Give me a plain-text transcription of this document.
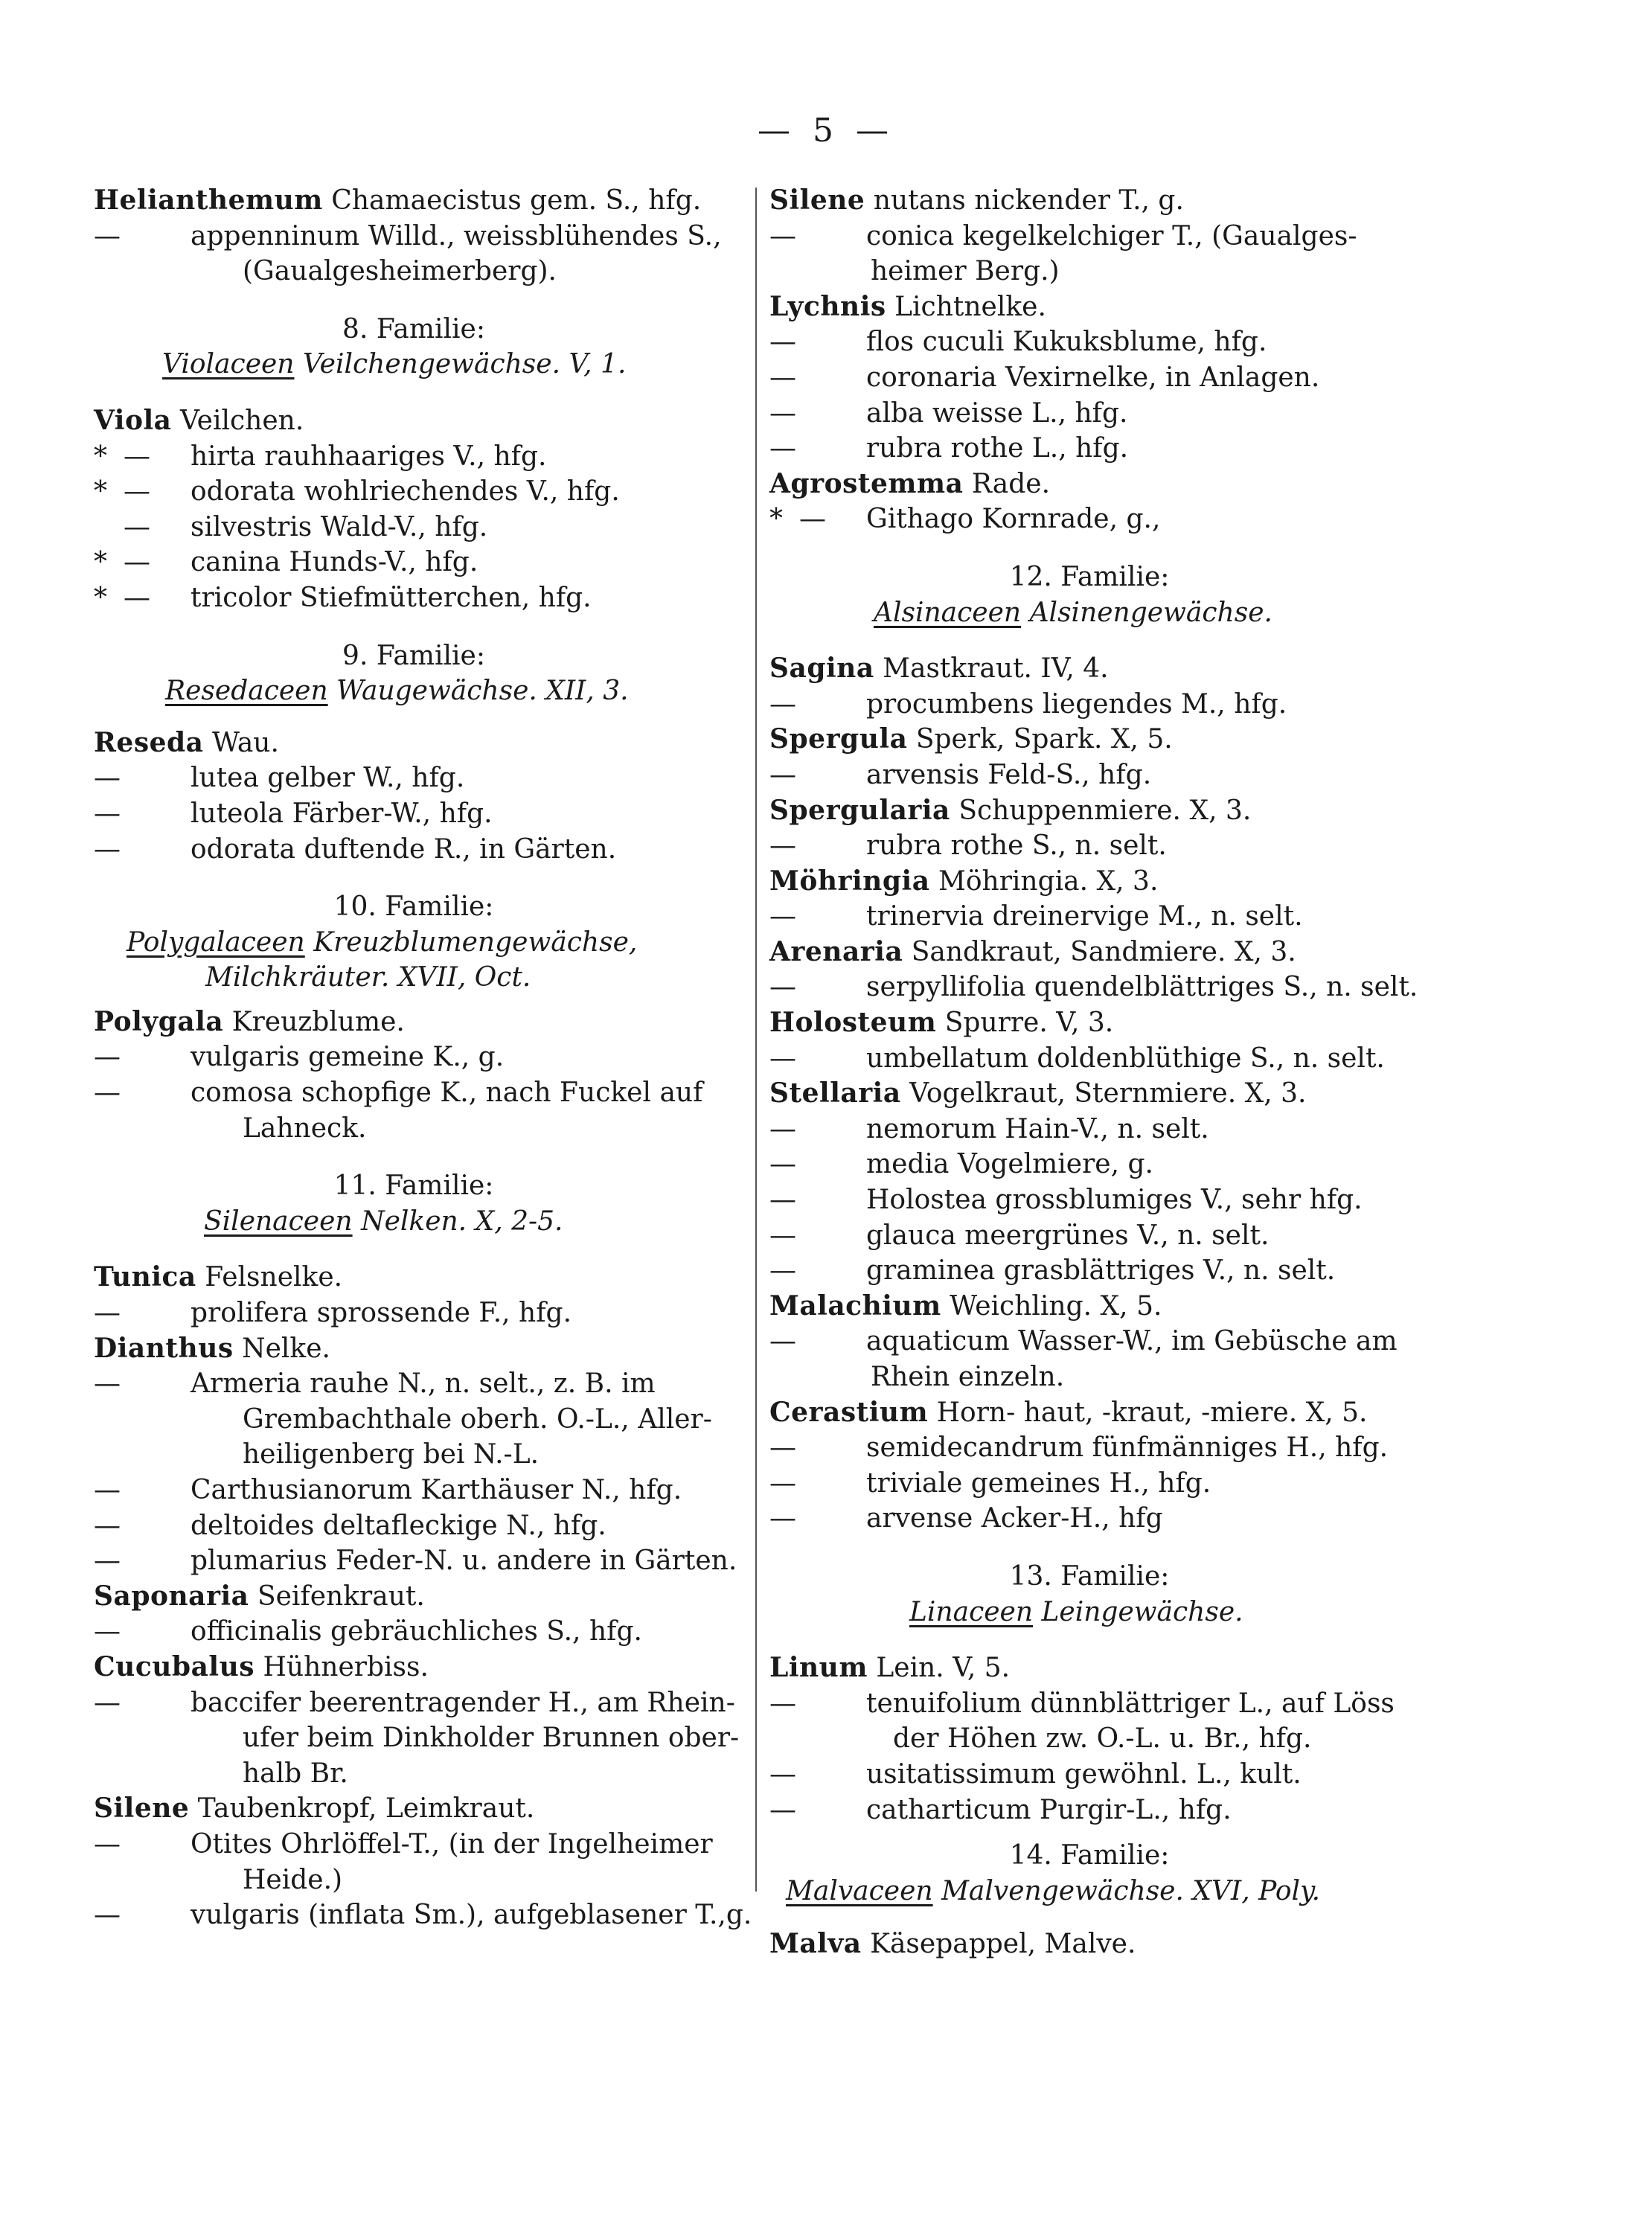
— 5 —
Helianthemum Chamaecistus gem. S., hfg.
—	appenninum Willd., weissblühendes S.,
(Gaualgesheimerberg).
8. Familie:
Violaceen Veilchengewächse. V, 1.
Viola Veilchen.
* — hirta rauhhaariges V., hfg.
* — odorata wohlriechendes V., hfg.
— silvestris Wald-V., hfg.
* — canina Hunds-V., hfg.
* — tricolor Stiefmütterchen, hfg.
9. Familie:
Resedaceen Waugewächse. XII, 3.
Reseda Wau.
—	lutea gelber W., hfg.
—	luteola Färber-W., hfg.
—	odorata duftende R., in Gärten.
10. Familie:
Polygalaceen Kreuzblumengewächse,
Milchkräuter. XVII, Oct.
Polygala Kreuzblume.
—	vulgaris gemeine K., g.
—	comosa schopfige K., nach Fuckel auf
Lahneck.
11. Familie:
Silenaceen Nelken. X, 2-5.
Tunica Felsnelke.
—	prolifera sprossende F., hfg.
Dianthus Nelke.
—	Armeria rauhe N., n. selt., z. B. im
Grembachthale oberh. O.-L., Aller-
heiligenberg bei N.-L.
—	Carthusianorum Karthäuser N., hfg.
—	deltoides deltafleckige N., hfg.
—	plumarius Feder-N. u. andere in Gärten.
Saponaria Seifenkraut.
—	officinalis gebräuchliches S., hfg.
Cucubalus Hühnerbiss.
—	baccifer beerentragender H., am Rhein-
ufer beim Dinkholder Brunnen ober-
halb Br.
Silene Taubenkropf, Leimkraut.
—	Otites Ohrlöffel-T., (in der Ingelheimer
Heide.)
—	vulgaris (inflata Sm.), aufgeblasener T.,g.
Silene nutans nickender T., g.
—	conica kegelkelchiger T., (Gaualges-
heimer Berg.)
Lychnis Lichtnelke.
—	flos cuculi Kukuksblume, hfg.
—	coronaria Vexirnelke, in Anlagen.
—	alba weisse L., hfg.
—	rubra rothe L., hfg.
Agrostemma Rade.
* — Githago Kornrade, g.,
12. Familie:
Alsinaceen Alsinengewächse.
Sagina Mastkraut. IV, 4.
—	procumbens liegendes M., hfg.
Spergula Sperk, Spark. X, 5.
—	arvensis Feld-S., hfg.
Spergularia Schuppenmiere. X, 3.
—	rubra rothe S., n. selt.
Möhringia Möhringia. X, 3.
—	trinervia dreinervige M., n. selt.
Arenaria Sandkraut, Sandmiere. X, 3.
—	serpyllifolia quendelblättriges S., n. selt.
Holosteum Spurre. V, 3.
—	umbellatum doldenblüthige S., n. selt.
Stellaria Vogelkraut, Sternmiere. X, 3.
—	nemorum Hain-V., n. selt.
—	media Vogelmiere, g.
—	Holostea grossblumiges V., sehr hfg.
—	glauca meergrünes V., n. selt.
—	graminea grasblättriges V., n. selt.
Malachium Weichling. X, 5.
—	aquaticum Wasser-W., im Gebüsche am
Rhein einzeln.
Cerastium Horn- haut, -kraut, -miere. X, 5.
—	semidecandrum fünfmänniges H., hfg.
—	triviale gemeines H., hfg.
—	arvense Acker-H., hfg
13. Familie:
Linaceen Leingewächse.
Linum Lein. V, 5.
—	tenuifolium dünnblättriger L., auf Löss
der Höhen zw. O.-L. u. Br., hfg.
—	usitatissimum gewöhnl. L., kult.
—	catharticum Purgir-L., hfg.
14. Familie:
Malvaceen Malvengewächse. XVI, Poly.
Malva Käsepappel, Malve.
